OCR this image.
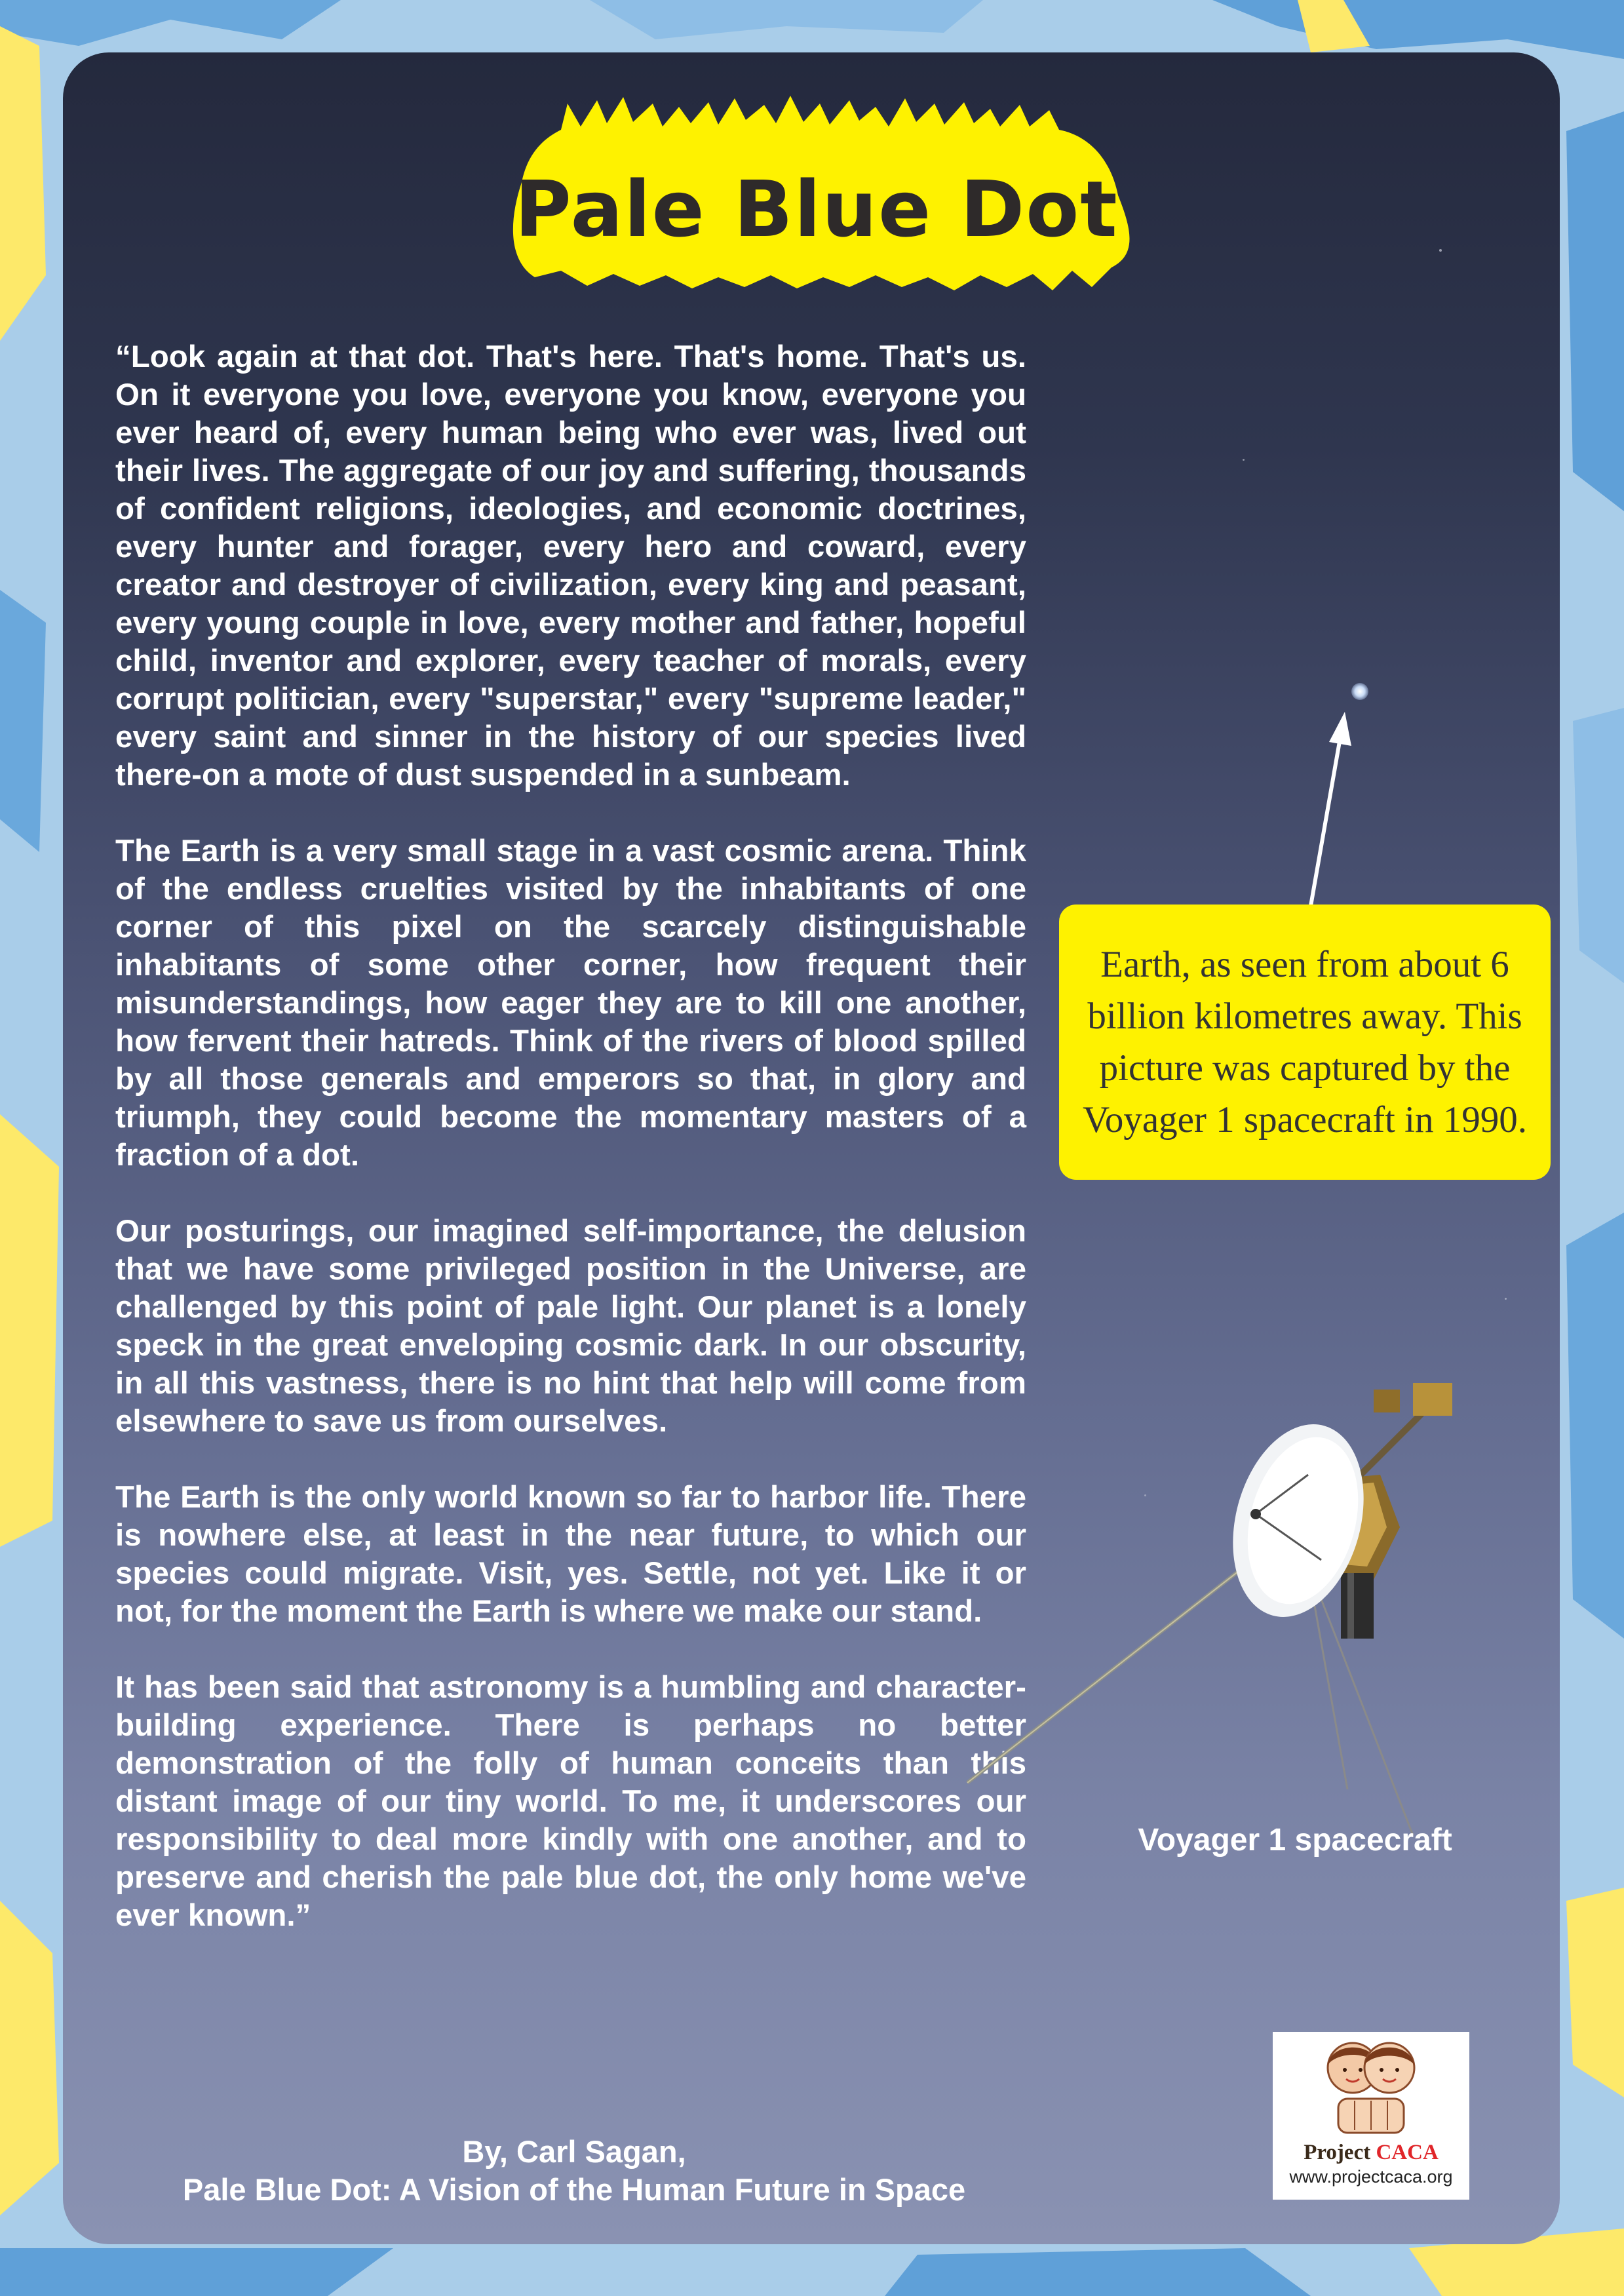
Pale Blue Dot

“Look again at that dot. That's here. That's home. That's us. On it everyone you love, everyone you know, everyone you ever heard of, every human being who ever was, lived out their lives. The aggregate of our joy and suffering, thousands of confident religions, ideologies, and economic doctrines, every hunter and forager, every hero and coward, every creator and destroyer of civilization, every king and peasant, every young couple in love, every mother and father, hopeful child, inventor and explorer, every teacher of morals, every corrupt politician, every "superstar," every "supreme leader," every saint and sinner in the history of our species lived there-on a mote of dust suspended in a sunbeam.

The Earth is a very small stage in a vast cosmic arena. Think of the endless cruelties visited by the inhabitants of one corner of this pixel on the scarcely distinguishable inhabitants of some other corner, how frequent their misunderstandings, how eager they are to kill one another, how fervent their hatreds. Think of the rivers of blood spilled by all those generals and emperors so that, in glory and triumph, they could become the momentary masters of a fraction of a dot.

Our posturings, our imagined self-importance, the delusion that we have some privileged position in the Universe, are challenged by this point of pale light. Our planet is a lonely speck in the great enveloping cosmic dark. In our obscurity, in all this vastness, there is no hint that help will come from elsewhere to save us from ourselves.

The Earth is the only world known so far to harbor life. There is nowhere else, at least in the near future, to which our species could migrate. Visit, yes. Settle, not yet. Like it or not, for the moment the Earth is where we make our stand.

It has been said that astronomy is a humbling and character-building experience. There is perhaps no better demonstration of the folly of human conceits than this distant image of our tiny world. To me, it underscores our responsibility to deal more kindly with one another, and to preserve and cherish the pale blue dot, the only home we've ever known.”

By, Carl Sagan,
Pale Blue Dot: A Vision of the Human Future in Space
Earth, as seen from about 6 billion kilometres away. This picture was captured by the Voyager 1 spacecraft in 1990.
Voyager 1 spacecraft
Project CACA
www.projectcaca.org
